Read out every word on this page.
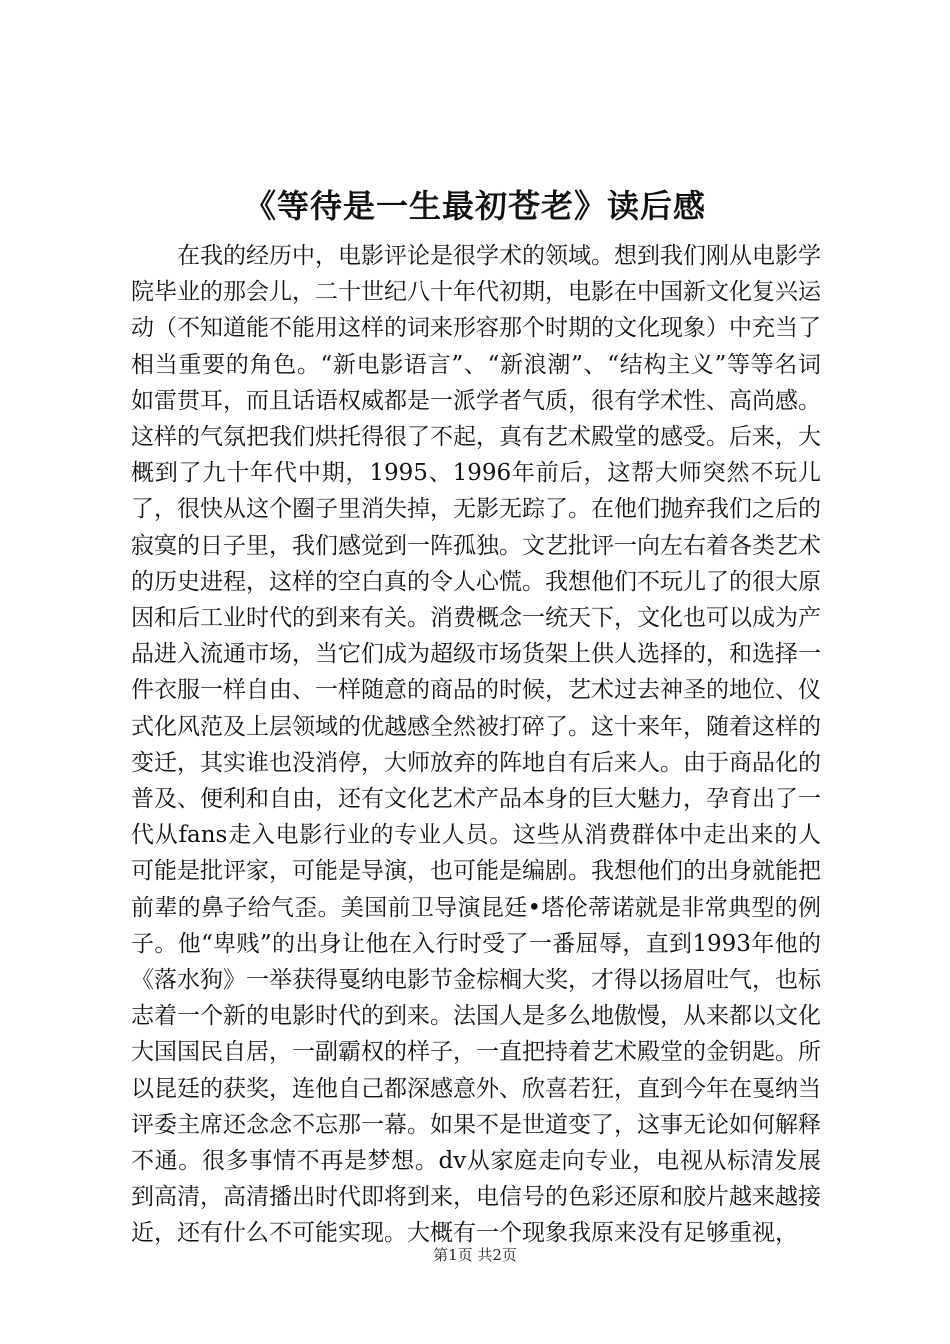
《等待是一生最初苍老》读后感

在我的经历中，电影评论是很学术的领域。想到我们刚从电影学院毕业的那会儿，二十世纪八十年代初期，电影在中国新文化复兴运动（不知道能不能用这样的词来形容那个时期的文化现象）中充当了相当重要的角色。“新电影语言”、“新浪潮”、“结构主义”等等名词如雷贯耳，而且话语权威都是一派学者气质，很有学术性、高尚感。这样的气氛把我们烘托得很了不起，真有艺术殿堂的感受。后来，大概到了九十年代中期，1995、1996年前后，这帮大师突然不玩儿了，很快从这个圈子里消失掉，无影无踪了。在他们抛弃我们之后的寂寞的日子里，我们感觉到一阵孤独。文艺批评一向左右着各类艺术的历史进程，这样的空白真的令人心慌。我想他们不玩儿了的很大原因和后工业时代的到来有关。消费概念一统天下，文化也可以成为产品进入流通市场，当它们成为超级市场货架上供人选择的，和选择一件衣服一样自由、一样随意的商品的时候，艺术过去神圣的地位、仪式化风范及上层领域的优越感全然被打碎了。这十来年，随着这样的变迁，其实谁也没消停，大师放弃的阵地自有后来人。由于商品化的普及、便利和自由，还有文化艺术产品本身的巨大魅力，孕育出了一代从fans走入电影行业的专业人员。这些从消费群体中走出来的人可能是批评家，可能是导演，也可能是编剧。我想他们的出身就能把前辈的鼻子给气歪。美国前卫导演昆廷•塔伦蒂诺就是非常典型的例子。他“卑贱”的出身让他在入行时受了一番屈辱，直到1993年他的《落水狗》一举获得戛纳电影节金棕榈大奖，才得以扬眉吐气，也标志着一个新的电影时代的到来。法国人是多么地傲慢，从来都以文化大国国民自居，一副霸权的样子，一直把持着艺术殿堂的金钥匙。所以昆廷的获奖，连他自己都深感意外、欣喜若狂，直到今年在戛纳当评委主席还念念不忘那一幕。如果不是世道变了，这事无论如何解释不通。很多事情不再是梦想。dv从家庭走向专业，电视从标清发展到高清，高清播出时代即将到来，电信号的色彩还原和胶片越来越接近，还有什么不可能实现。大概有一个现象我原来没有足够重视，

第1页 共2页
